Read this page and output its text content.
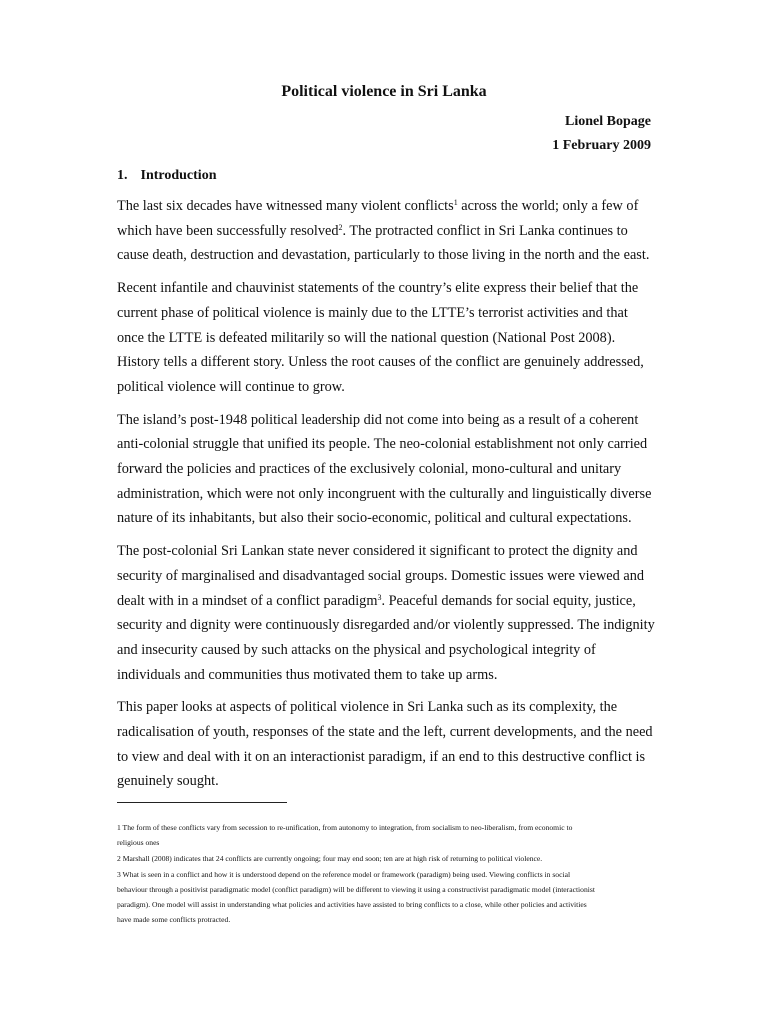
Political violence in Sri Lanka
Lionel Bopage
1 February 2009
1. Introduction
The last six decades have witnessed many violent conflicts$^1$ across the world; only a few of
which have been successfully resolved$^2$. The protracted conflict in Sri Lanka continues to
cause death, destruction and devastation, particularly to those living in the north and the east.
Recent infantile and chauvinist statements of the country’s elite express their belief that the
current phase of political violence is mainly due to the LTTE’s terrorist activities and that
once the LTTE is defeated militarily so will the national question (National Post 2008).
History tells a different story. Unless the root causes of the conflict are genuinely addressed,
political violence will continue to grow.
The island’s post-1948 political leadership did not come into being as a result of a coherent
anti-colonial struggle that unified its people. The neo-colonial establishment not only carried
forward the policies and practices of the exclusively colonial, mono-cultural and unitary
administration, which were not only incongruent with the culturally and linguistically diverse
nature of its inhabitants, but also their socio-economic, political and cultural expectations.
The post-colonial Sri Lankan state never considered it significant to protect the dignity and
security of marginalised and disadvantaged social groups. Domestic issues were viewed and
dealt with in a mindset of a conflict paradigm$^3$. Peaceful demands for social equity, justice,
security and dignity were continuously disregarded and/or violently suppressed. The indignity
and insecurity caused by such attacks on the physical and psychological integrity of
individuals and communities thus motivated them to take up arms.
This paper looks at aspects of political violence in Sri Lanka such as its complexity, the
radicalisation of youth, responses of the state and the left, current developments, and the need
to view and deal with it on an interactionist paradigm, if an end to this destructive conflict is
genuinely sought.
1 The form of these conflicts vary from secession to re-unification, from autonomy to integration, from socialism to neo-liberalism, from economic to
religious ones
2 Marshall (2008) indicates that 24 conflicts are currently ongoing; four may end soon; ten are at high risk of returning to political violence.
3 What is seen in a conflict and how it is understood depend on the reference model or framework (paradigm) being used. Viewing conflicts in social
behaviour through a positivist paradigmatic model (conflict paradigm) will be different to viewing it using a constructivist paradigmatic model (interactionist
paradigm). One model will assist in understanding what policies and activities have assisted to bring conflicts to a close, while other policies and activities
have made some conflicts protracted.
